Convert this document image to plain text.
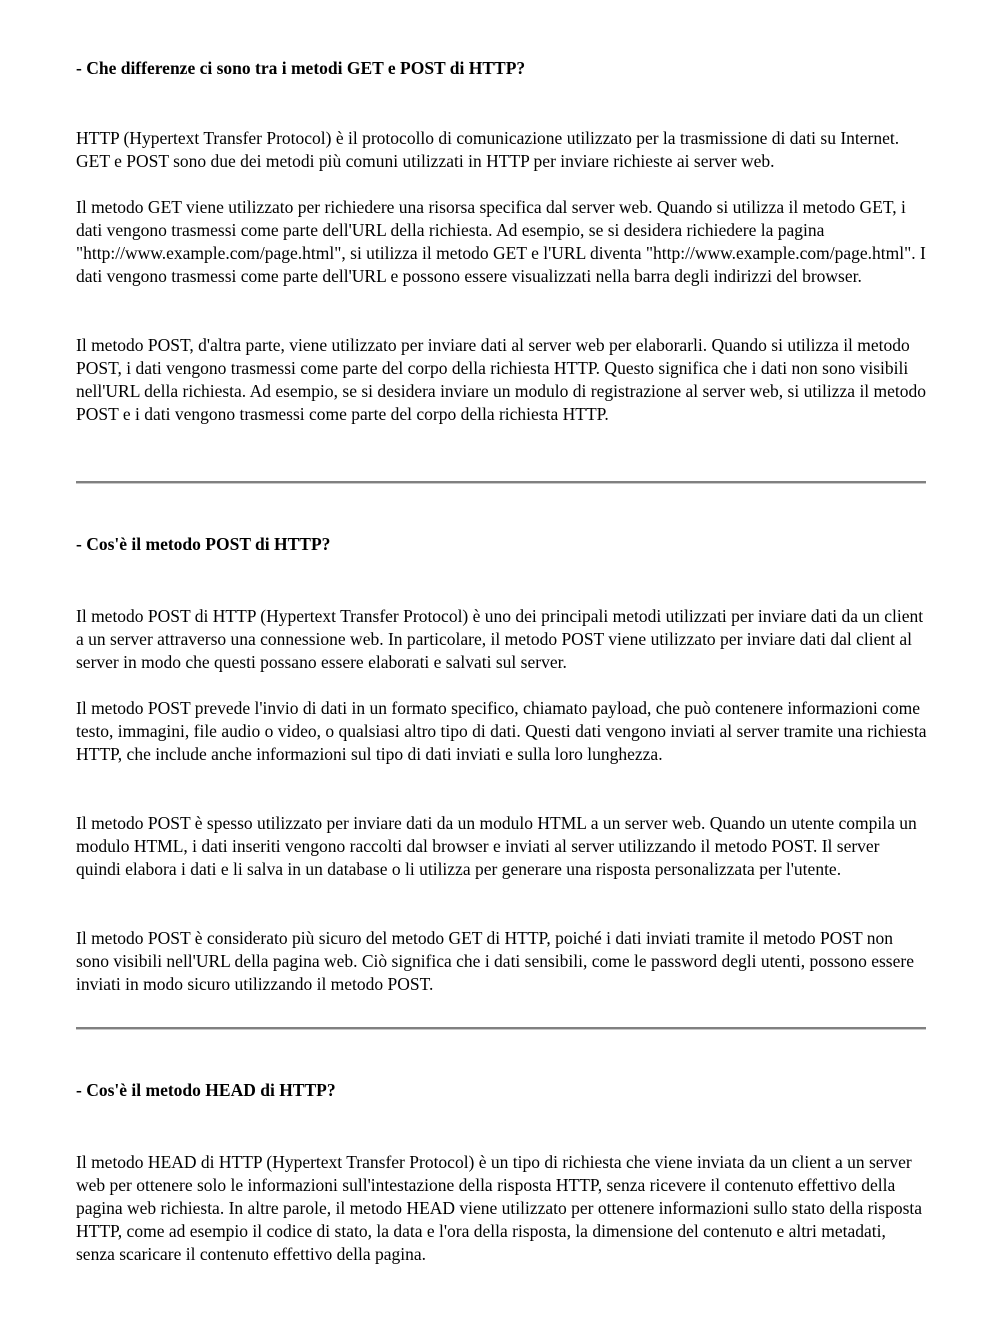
- Che differenze ci sono tra i metodi GET e POST di HTTP?
HTTP (Hypertext Transfer Protocol) è il protocollo di comunicazione utilizzato per la trasmissione di dati su Internet. GET e POST sono due dei metodi più comuni utilizzati in HTTP per inviare richieste ai server web.
Il metodo GET viene utilizzato per richiedere una risorsa specifica dal server web. Quando si utilizza il metodo GET, i dati vengono trasmessi come parte dell'URL della richiesta. Ad esempio, se si desidera richiedere la pagina "http://www.example.com/page.html", si utilizza il metodo GET e l'URL diventa "http://www.example.com/page.html". I dati vengono trasmessi come parte dell'URL e possono essere visualizzati nella barra degli indirizzi del browser.
Il metodo POST, d'altra parte, viene utilizzato per inviare dati al server web per elaborarli. Quando si utilizza il metodo POST, i dati vengono trasmessi come parte del corpo della richiesta HTTP. Questo significa che i dati non sono visibili nell'URL della richiesta. Ad esempio, se si desidera inviare un modulo di registrazione al server web, si utilizza il metodo POST e i dati vengono trasmessi come parte del corpo della richiesta HTTP.
- Cos'è il metodo POST di HTTP?
Il metodo POST di HTTP (Hypertext Transfer Protocol) è uno dei principali metodi utilizzati per inviare dati da un client a un server attraverso una connessione web. In particolare, il metodo POST viene utilizzato per inviare dati dal client al server in modo che questi possano essere elaborati e salvati sul server.
Il metodo POST prevede l'invio di dati in un formato specifico, chiamato payload, che può contenere informazioni come testo, immagini, file audio o video, o qualsiasi altro tipo di dati. Questi dati vengono inviati al server tramite una richiesta HTTP, che include anche informazioni sul tipo di dati inviati e sulla loro lunghezza.
Il metodo POST è spesso utilizzato per inviare dati da un modulo HTML a un server web. Quando un utente compila un modulo HTML, i dati inseriti vengono raccolti dal browser e inviati al server utilizzando il metodo POST. Il server quindi elabora i dati e li salva in un database o li utilizza per generare una risposta personalizzata per l'utente.
Il metodo POST è considerato più sicuro del metodo GET di HTTP, poiché i dati inviati tramite il metodo POST non sono visibili nell'URL della pagina web. Ciò significa che i dati sensibili, come le password degli utenti, possono essere inviati in modo sicuro utilizzando il metodo POST.
- Cos'è il metodo HEAD di HTTP?
Il metodo HEAD di HTTP (Hypertext Transfer Protocol) è un tipo di richiesta che viene inviata da un client a un server web per ottenere solo le informazioni sull'intestazione della risposta HTTP, senza ricevere il contenuto effettivo della pagina web richiesta. In altre parole, il metodo HEAD viene utilizzato per ottenere informazioni sullo stato della risposta HTTP, come ad esempio il codice di stato, la data e l'ora della risposta, la dimensione del contenuto e altri metadati, senza scaricare il contenuto effettivo della pagina.
